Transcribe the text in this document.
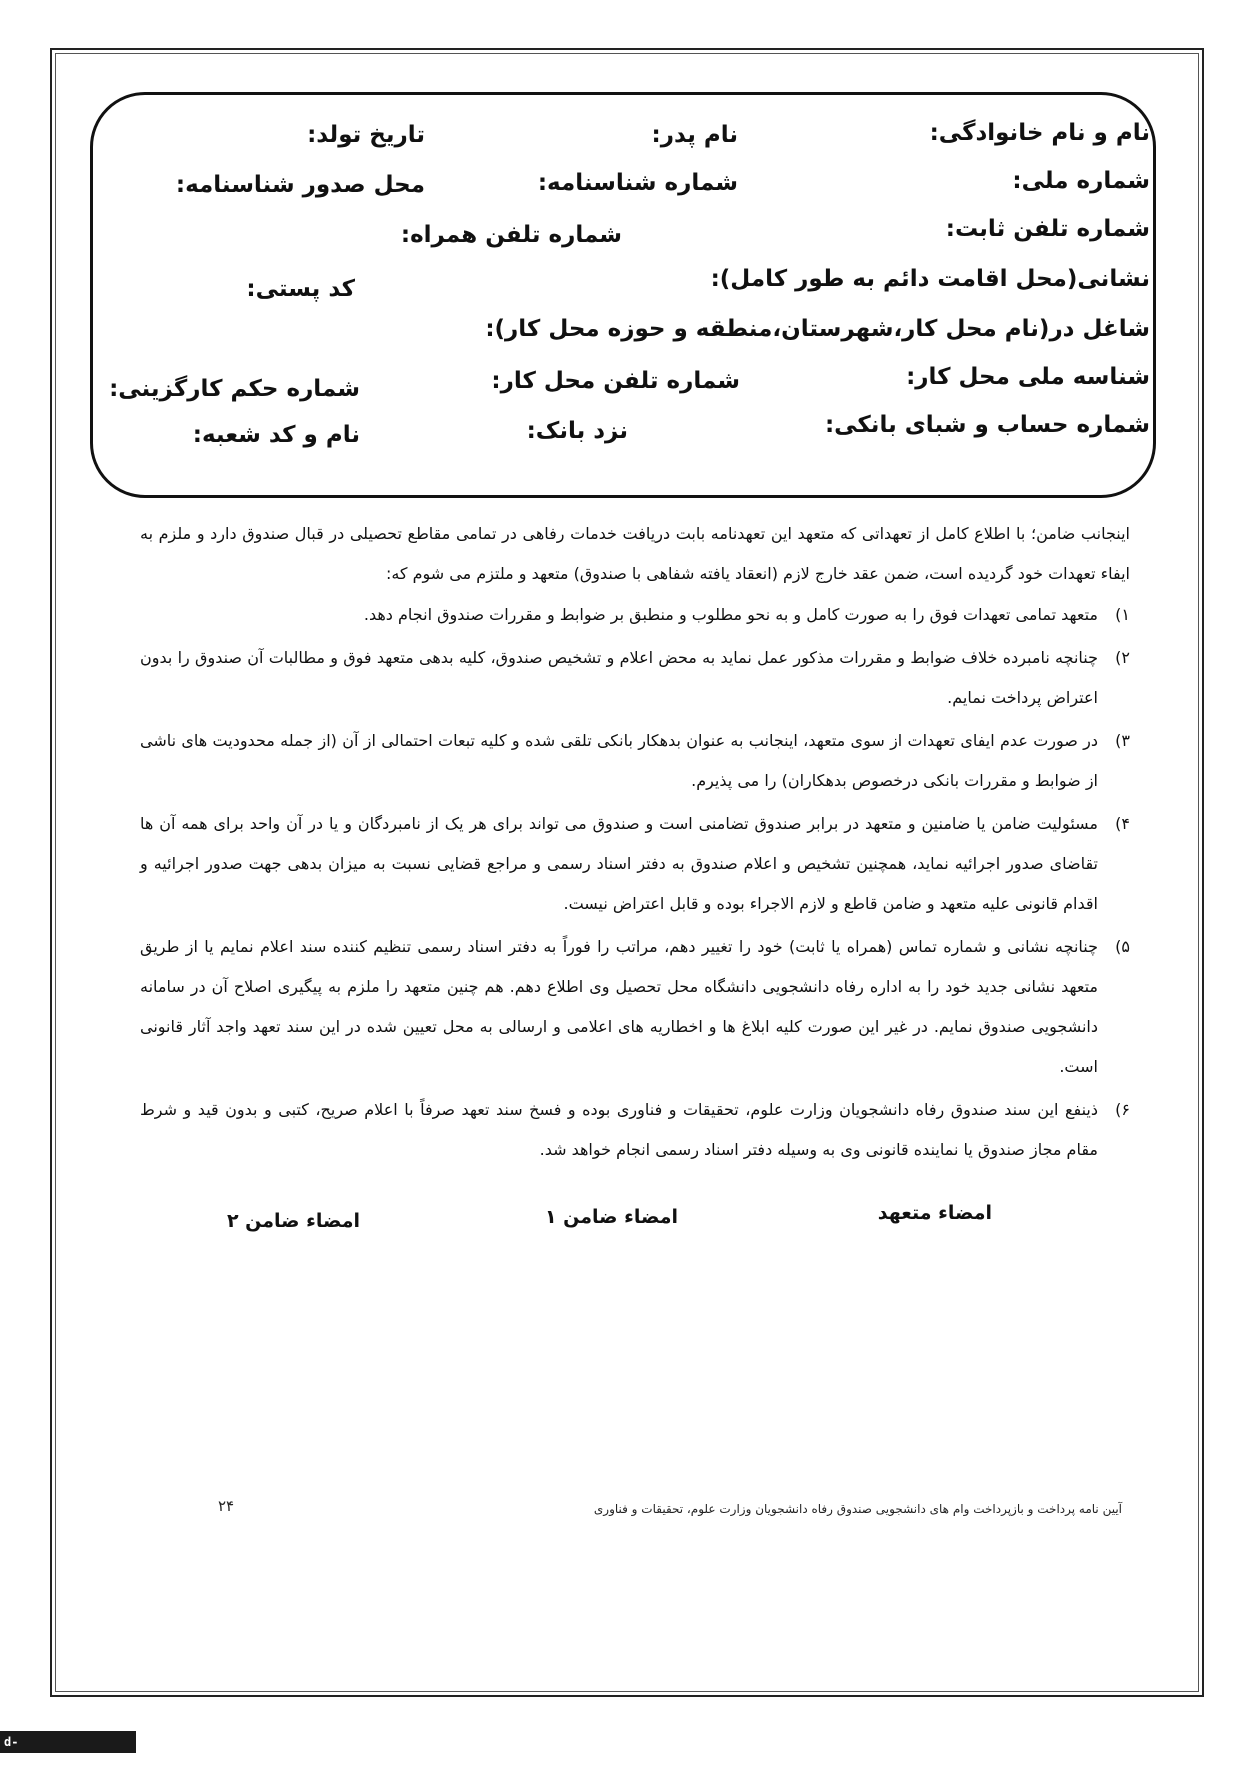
نام و نام خانوادگی:
نام پدر:
تاریخ تولد:
شماره ملی:
شماره شناسنامه:
محل صدور شناسنامه:
شماره تلفن ثابت:
شماره تلفن همراه:
نشانی(محل اقامت دائم به طور کامل):
کد پستی:
شاغل در(نام محل کار،شهرستان،منطقه و حوزه محل کار):
شناسه ملی محل کار:
شماره تلفن محل کار:
شماره حکم کارگزینی:
شماره حساب و شبای بانکی:
نزد بانک:
نام و کد شعبه:
اینجانب ضامن؛ با اطلاع کامل از تعهداتی که متعهد این تعهدنامه بابت دریافت خدمات رفاهی در تمامی مقاطع تحصیلی در قبال صندوق دارد و ملزم به ایفاء تعهدات خود گردیده است، ضمن عقد خارج لازم (انعقاد یافته شفاهی با صندوق) متعهد و ملتزم می شوم که:
۱)
متعهد تمامی تعهدات فوق را به صورت کامل و به نحو مطلوب و منطبق بر ضوابط و مقررات صندوق انجام دهد.
۲)
چنانچه نامبرده خلاف ضوابط و مقررات مذکور عمل نماید به محض اعلام و تشخیص صندوق، کلیه بدهی متعهد فوق و مطالبات آن صندوق را بدون اعتراض پرداخت نمایم.
۳)
در صورت عدم ایفای تعهدات از سوی متعهد، اینجانب به عنوان بدهکار بانکی تلقی شده و کلیه تبعات احتمالی از آن (از جمله محدودیت های ناشی از ضوابط و مقررات بانکی درخصوص بدهکاران) را می پذیرم.
۴)
مسئولیت ضامن یا ضامنین و متعهد در برابر صندوق تضامنی است و صندوق می تواند برای هر یک از نامبردگان و یا در آن واحد برای همه آن ها تقاضای صدور اجرائیه نماید، همچنین تشخیص و اعلام صندوق به دفتر اسناد رسمی و مراجع قضایی نسبت به میزان بدهی جهت صدور اجرائیه و اقدام قانونی علیه متعهد و ضامن قاطع و لازم الاجراء بوده و قابل اعتراض نیست.
۵)
چنانچه نشانی و شماره تماس (همراه یا ثابت) خود را تغییر دهم، مراتب را فوراً به دفتر اسناد رسمی تنظیم کننده سند اعلام نمایم یا از طریق متعهد نشانی جدید خود را به اداره رفاه دانشجویی دانشگاه محل تحصیل وی اطلاع دهم. هم چنین متعهد را ملزم به پیگیری اصلاح آن در سامانه دانشجویی صندوق نمایم. در غیر این صورت کلیه ابلاغ ها و اخطاریه های اعلامی و ارسالی به محل تعیین شده در این سند تعهد واجد آثار قانونی است.
۶)
ذینفع این سند صندوق رفاه دانشجویان وزارت علوم، تحقیقات و فناوری بوده و فسخ سند تعهد صرفاً با اعلام صریح، کتبی و بدون قید و شرط مقام مجاز صندوق یا نماینده قانونی وی به وسیله دفتر اسناد رسمی انجام خواهد شد.
امضاء متعهد
امضاء ضامن ۱
امضاء ضامن ۲
آیین نامه پرداخت و بازپرداخت وام های دانشجویی صندوق رفاه دانشجویان وزارت علوم، تحقیقات و فناوری
۲۴
d-bushehr.nus.ac.ir
